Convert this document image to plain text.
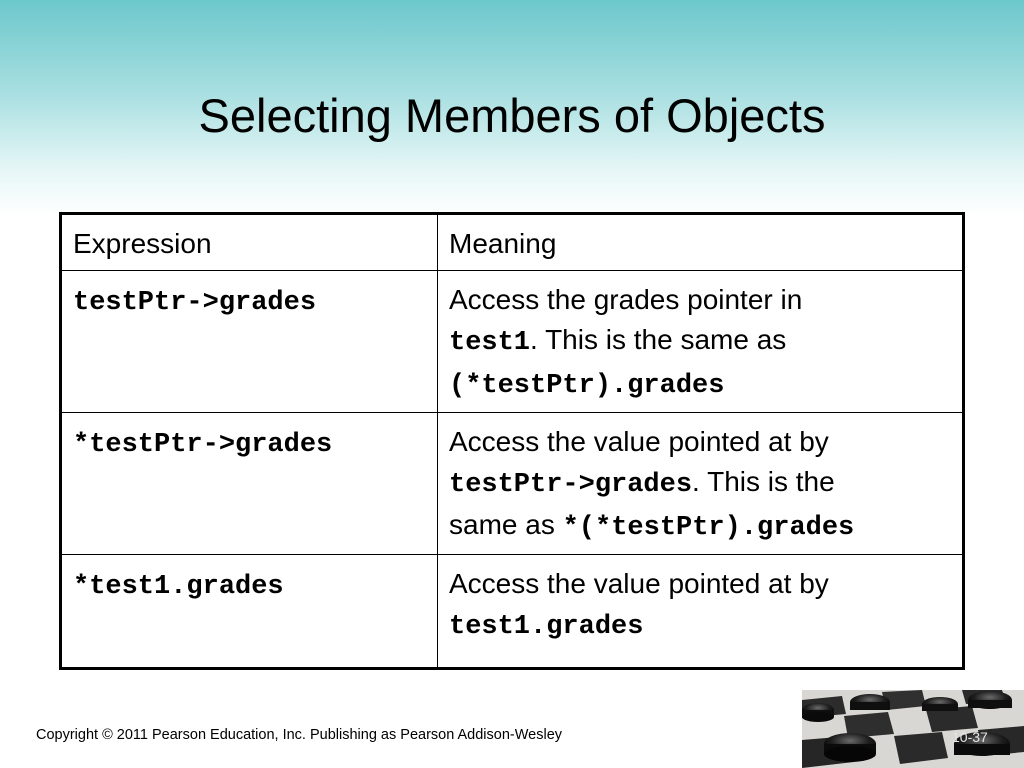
Selecting Members of Objects
Expression	Meaning
testPtr->grades	Access the grades pointer in
test1. This is the same as
(*testPtr).grades
*testPtr->grades	Access the value pointed at by
testPtr->grades. This is the
same as *(*testPtr).grades
*test1.grades	Access the value pointed at by
test1.grades
Copyright © 2011 Pearson Education, Inc. Publishing as Pearson Addison-Wesley	10-37
